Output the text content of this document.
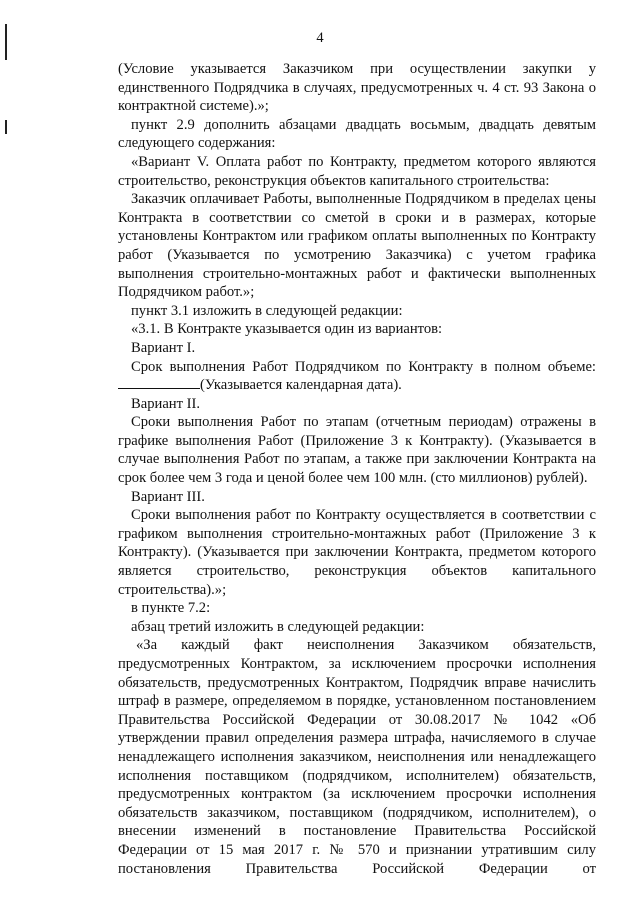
4

(Условие указывается Заказчиком при осуществлении закупки у единственного Подрядчика в случаях, предусмотренных ч. 4 ст. 93 Закона о контрактной системе).»;

пункт 2.9 дополнить абзацами двадцать восьмым, двадцать девятым следующего содержания:

«Вариант V. Оплата работ по Контракту, предметом которого являются строительство, реконструкция объектов капитального строительства:

Заказчик оплачивает Работы, выполненные Подрядчиком в пределах цены Контракта в соответствии со сметой в сроки и в размерах, которые установлены Контрактом или графиком оплаты выполненных по Контракту работ (Указывается по усмотрению Заказчика) с учетом графика выполнения строительно-монтажных работ и фактически выполненных Подрядчиком работ.»;

пункт 3.1 изложить в следующей редакции:

«3.1. В Контракте указывается один из вариантов:

Вариант I.

Срок выполнения Работ Подрядчиком по Контракту в полном объеме:(Указывается календарная дата).

Вариант II.

Сроки выполнения Работ по этапам (отчетным периодам) отражены в графике выполнения Работ (Приложение 3 к Контракту). (Указывается в случае выполнения Работ по этапам, а также при заключении Контракта на срок более чем 3 года и ценой более чем 100 млн. (сто миллионов) рублей).

Вариант III.

Сроки выполнения работ по Контракту осуществляется в соответствии с графиком выполнения строительно-монтажных работ (Приложение 3 к Контракту). (Указывается при заключении Контракта, предметом которого является строительство, реконструкция объектов капитального строительства).»;

в пункте 7.2:

абзац третий изложить в следующей редакции:

«За каждый факт неисполнения Заказчиком обязательств, предусмотренных Контрактом, за исключением просрочки исполнения обязательств, предусмотренных Контрактом, Подрядчик вправе начислить штраф в размере, определяемом в порядке, установленном постановлением Правительства Российской Федерации от 30.08.2017 № 1042 «Об утверждении правил определения размера штрафа, начисляемого в случае ненадлежащего исполнения заказчиком, неисполнения или ненадлежащего исполнения поставщиком (подрядчиком, исполнителем) обязательств, предусмотренных контрактом (за исключением просрочки исполнения обязательств заказчиком, поставщиком (подрядчиком, исполнителем), о внесении изменений в постановление Правительства Российской Федерации от 15 мая 2017 г. № 570 и признании утратившим силу постановления Правительства Российской Федерации от
